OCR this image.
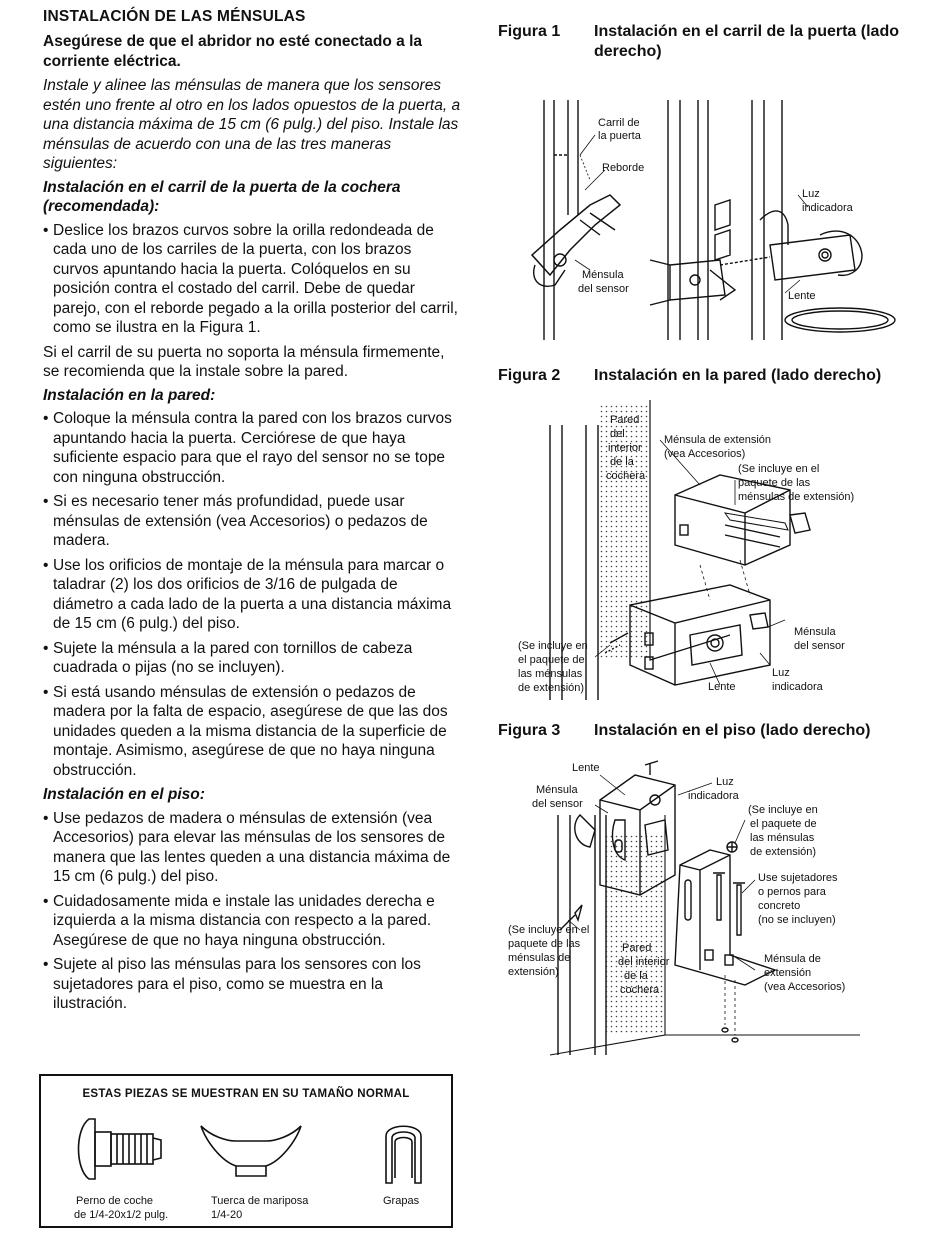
INSTALACIÓN DE LAS MÉNSULAS
Asegúrese de que el abridor no esté conectado a la corriente eléctrica.
Instale y alinee las ménsulas de manera que los sensores estén uno frente al otro en los lados opuestos de la puerta, a una distancia máxima de 15 cm (6 pulg.) del piso. Instale las ménsulas de acuerdo con una de las tres maneras siguientes:
Instalación en el carril de la puerta de la cochera (recomendada):
• Deslice los brazos curvos sobre la orilla redondeada de cada uno de los carriles de la puerta, con los brazos curvos apuntando hacia la puerta. Colóquelos en su posición contra el costado del carril. Debe de quedar parejo, con el reborde pegado a la orilla posterior del carril, como se ilustra en la Figura 1.
Si el carril de su puerta no soporta la ménsula firmemente, se recomienda que la instale sobre la pared.
Instalación en la pared:
• Coloque la ménsula contra la pared con los brazos curvos apuntando hacia la puerta. Cerciórese de que haya suficiente espacio para que el rayo del sensor no se tope con ninguna obstrucción.
• Si es necesario tener más profundidad, puede usar ménsulas de extensión (vea Accesorios) o pedazos de madera.
• Use los orificios de montaje de la ménsula para marcar o taladrar (2) los dos orificios de 3/16 de pulgada de diámetro a cada lado de la puerta a una distancia máxima de 15 cm (6 pulg.) del piso.
• Sujete la ménsula a la pared con tornillos de cabeza cuadrada o pijas (no se incluyen).
• Si está usando ménsulas de extensión o pedazos de madera por la falta de espacio, asegúrese de que las dos unidades queden a la misma distancia de la superficie de montaje. Asimismo, asegúrese de que no haya ninguna obstrucción.
Instalación en el piso:
• Use pedazos de madera o ménsulas de extensión (vea Accesorios) para elevar las ménsulas de los sensores de manera que las lentes queden a una distancia máxima de 15 cm (6 pulg.) del piso.
• Cuidadosamente mida e instale las unidades derecha e izquierda a la misma distancia con respecto a la pared. Asegúrese de que no haya ninguna obstrucción.
• Sujete al piso las ménsulas para los sensores con los sujetadores para el piso, como se muestra en la ilustración.
Figura 1 Instalación en el carril de la puerta (lado derecho)
Carril de
la puerta
Reborde
Ménsula
del sensor
Luz
indicadora
Lente
Figura 2 Instalación en la pared (lado derecho)
Pared
del
interior
de la
cochera
Ménsula de extensión
(vea Accesorios)
(Se incluye en el
paquete de las
ménsulas de extensión)
(Se incluye en
el paquete de
las ménsulas
de extensión)
Ménsula
del sensor
Luz
indicadora
Lente
Figura 3 Instalación en el piso (lado derecho)
Lente
Ménsula
del sensor
Luz
indicadora
(Se incluye en
el paquete de
las ménsulas
de extensión)
Use sujetadores
o pernos para
concreto
(no se incluyen)
(Se incluye en el
paquete de las
ménsulas de
extensión)
Pared
del interior
de la
cochera
Ménsula de
extensión
(vea Accesorios)
ESTAS PIEZAS SE MUESTRAN EN SU TAMAÑO NORMAL
Perno de coche
de 1/4-20x1/2 pulg.
Tuerca de mariposa
1/4-20
Grapas
